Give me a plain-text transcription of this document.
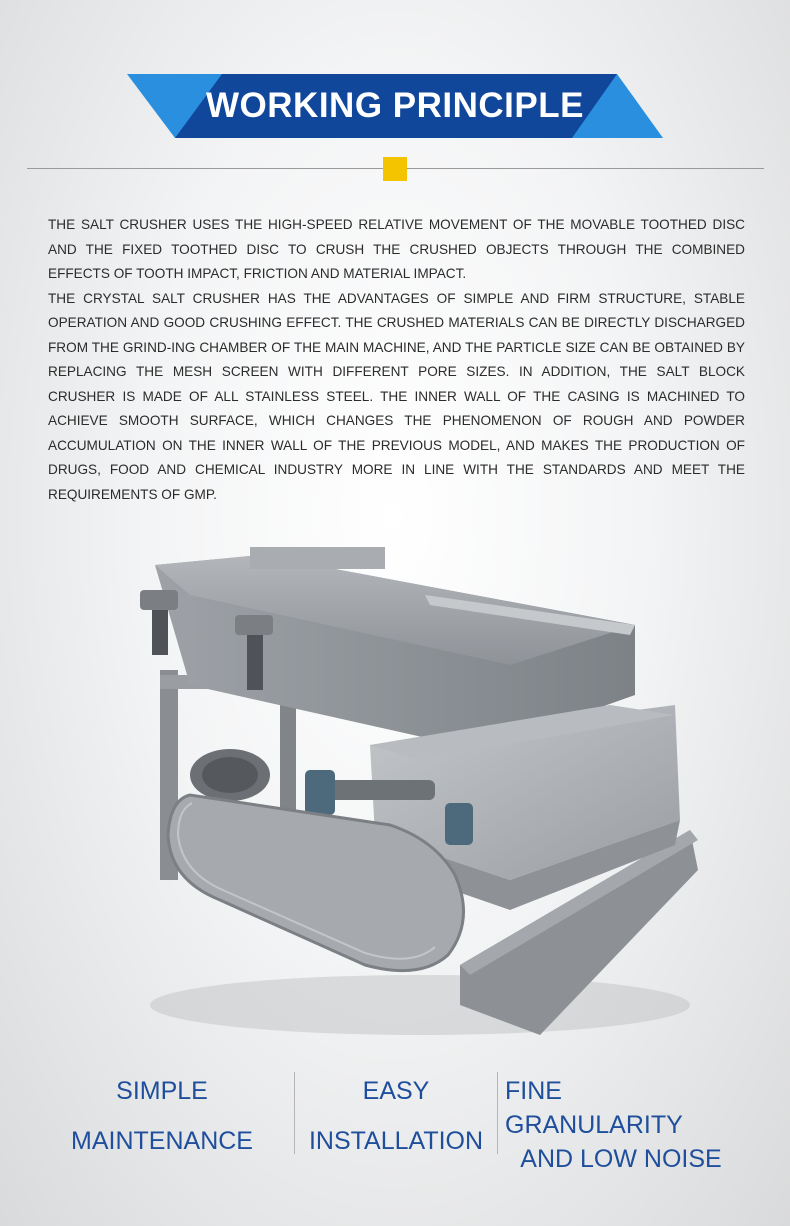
WORKING PRINCIPLE

THE SALT CRUSHER USES THE HIGH-SPEED RELATIVE MOVEMENT OF THE MOVABLE TOOTHED DISC AND THE FIXED TOOTHED DISC TO CRUSH THE CRUSHED OBJECTS THROUGH THE COMBINED EFFECTS OF TOOTH IMPACT, FRICTION AND MATERIAL IMPACT.

THE CRYSTAL SALT CRUSHER HAS THE ADVANTAGES OF SIMPLE AND FIRM STRUCTURE, STABLE OPERATION AND GOOD CRUSHING EFFECT. THE CRUSHED MATERIALS CAN BE DIRECTLY DISCHARGED FROM THE GRIND-ING CHAMBER OF THE MAIN MACHINE, AND THE PARTICLE SIZE CAN BE OBTAINED BY REPLACING THE MESH SCREEN WITH DIFFERENT PORE SIZES. IN ADDITION, THE SALT BLOCK CRUSHER IS MADE OF ALL STAINLESS STEEL. THE INNER WALL OF THE CASING IS MACHINED TO ACHIEVE SMOOTH SURFACE, WHICH CHANGES THE PHENOMENON OF ROUGH AND POWDER ACCUMULATION ON THE INNER WALL OF THE PREVIOUS MODEL, AND MAKES THE PRODUCTION OF DRUGS, FOOD AND CHEMICAL INDUSTRY MORE IN LINE WITH THE STANDARDS AND MEET THE REQUIREMENTS OF GMP.

SIMPLE
MAINTENANCE
EASY
INSTALLATION
FINE GRANULARITY
AND LOW NOISE
